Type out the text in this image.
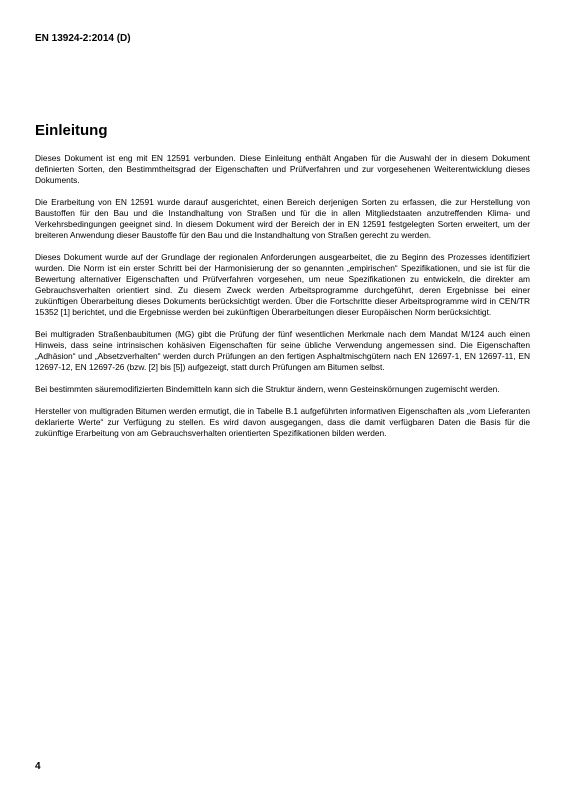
EN 13924-2:2014 (D)

Einleitung

Dieses Dokument ist eng mit EN 12591 verbunden. Diese Einleitung enthält Angaben für die Auswahl der in diesem Dokument definierten Sorten, den Bestimmtheitsgrad der Eigenschaften und Prüfverfahren und zur vorgesehenen Weiterentwicklung dieses Dokuments.

Die Erarbeitung von EN 12591 wurde darauf ausgerichtet, einen Bereich derjenigen Sorten zu erfassen, die zur Herstellung von Baustoffen für den Bau und die Instandhaltung von Straßen und für die in allen Mitgliedstaaten anzutreffenden Klima- und Verkehrsbedingungen geeignet sind. In diesem Dokument wird der Bereich der in EN 12591 festgelegten Sorten erweitert, um der breiteren Anwendung dieser Baustoffe für den Bau und die Instandhaltung von Straßen gerecht zu werden.

Dieses Dokument wurde auf der Grundlage der regionalen Anforderungen ausgearbeitet, die zu Beginn des Prozesses identifiziert wurden. Die Norm ist ein erster Schritt bei der Harmonisierung der so genannten „empirischen“ Spezifikationen, und sie ist für die Bewertung alternativer Eigenschaften und Prüfverfahren vorgesehen, um neue Spezifikationen zu entwickeln, die direkter am Gebrauchsverhalten orientiert sind. Zu diesem Zweck werden Arbeitsprogramme durchgeführt, deren Ergebnisse bei einer zukünftigen Überarbeitung dieses Dokuments berücksichtigt werden. Über die Fortschritte dieser Arbeitsprogramme wird in CEN/TR 15352 [1] berichtet, und die Ergebnisse werden bei zukünftigen Überarbeitungen dieser Europäischen Norm berücksichtigt.

Bei multigraden Straßenbaubitumen (MG) gibt die Prüfung der fünf wesentlichen Merkmale nach dem Mandat M/124 auch einen Hinweis, dass seine intrinsischen kohäsiven Eigenschaften für seine übliche Verwendung angemessen sind. Die Eigenschaften „Adhäsion“ und „Absetzverhalten“ werden durch Prüfungen an den fertigen Asphaltmischgütern nach EN 12697-1, EN 12697-11, EN 12697-12, EN 12697-26 (bzw. [2] bis [5]) aufgezeigt, statt durch Prüfungen am Bitumen selbst.

Bei bestimmten säuremodifizierten Bindemitteln kann sich die Struktur ändern, wenn Gesteinskörnungen zugemischt werden.

Hersteller von multigraden Bitumen werden ermutigt, die in Tabelle B.1 aufgeführten informativen Eigenschaften als „vom Lieferanten deklarierte Werte“ zur Verfügung zu stellen. Es wird davon ausgegangen, dass die damit verfügbaren Daten die Basis für die zukünftige Erarbeitung von am Gebrauchsverhalten orientierten Spezifikationen bilden werden.

4
